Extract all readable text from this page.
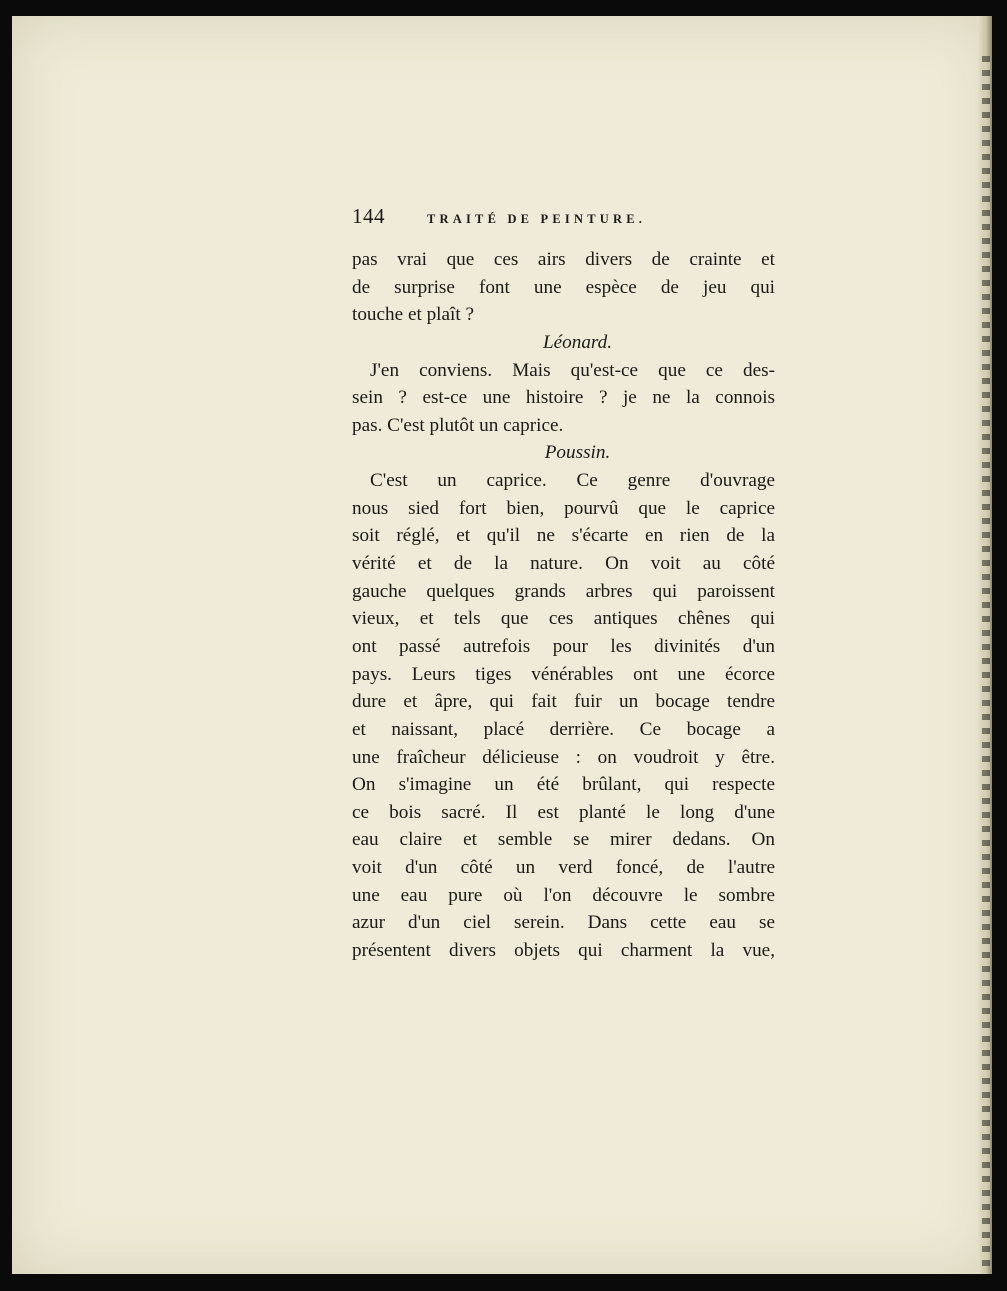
144	TRAITÉ DE PEINTURE.
pas vrai que ces airs divers de crainte et
de surprise font une espèce de jeu qui
touche et plaît ?
Léonard.
J'en conviens. Mais qu'est-ce que ce des-
sein ? est-ce une histoire ? je ne la connois
pas. C'est plutôt un caprice.
Poussin.
C'est un caprice. Ce genre d'ouvrage
nous sied fort bien, pourvû que le caprice
soit réglé, et qu'il ne s'écarte en rien de la
vérité et de la nature. On voit au côté
gauche quelques grands arbres qui paroissent
vieux, et tels que ces antiques chênes qui
ont passé autrefois pour les divinités d'un
pays. Leurs tiges vénérables ont une écorce
dure et âpre, qui fait fuir un bocage tendre
et naissant, placé derrière. Ce bocage a
une fraîcheur délicieuse : on voudroit y être.
On s'imagine un été brûlant, qui respecte
ce bois sacré. Il est planté le long d'une
eau claire et semble se mirer dedans. On
voit d'un côté un verd foncé, de l'autre
une eau pure où l'on découvre le sombre
azur d'un ciel serein. Dans cette eau se
présentent divers objets qui charment la vue,
